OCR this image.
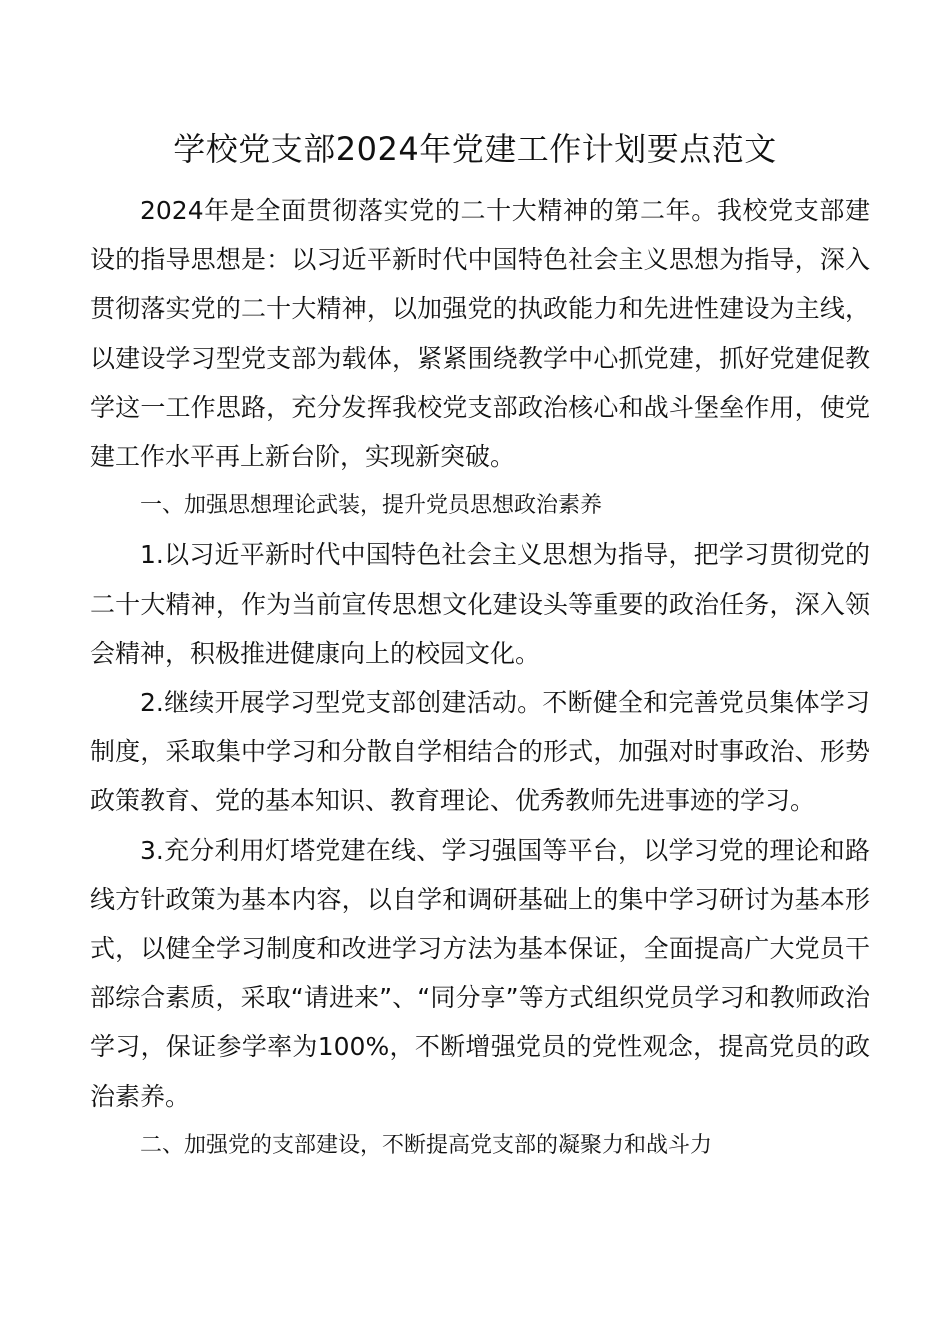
学校党支部2024年党建工作计划要点范文

2024年是全面贯彻落实党的二十大精神的第二年。我校党支部建设的指导思想是：以习近平新时代中国特色社会主义思想为指导，深入贯彻落实党的二十大精神，以加强党的执政能力和先进性建设为主线，以建设学习型党支部为载体，紧紧围绕教学中心抓党建，抓好党建促教学这一工作思路，充分发挥我校党支部政治核心和战斗堡垒作用，使党建工作水平再上新台阶，实现新突破。

一、加强思想理论武装，提升党员思想政治素养

1.以习近平新时代中国特色社会主义思想为指导，把学习贯彻党的二十大精神，作为当前宣传思想文化建设头等重要的政治任务，深入领会精神，积极推进健康向上的校园文化。

2.继续开展学习型党支部创建活动。不断健全和完善党员集体学习制度，采取集中学习和分散自学相结合的形式，加强对时事政治、形势政策教育、党的基本知识、教育理论、优秀教师先进事迹的学习。

3.充分利用灯塔党建在线、学习强国等平台，以学习党的理论和路线方针政策为基本内容，以自学和调研基础上的集中学习研讨为基本形式，以健全学习制度和改进学习方法为基本保证，全面提高广大党员干部综合素质，采取“请进来”、“同分享”等方式组织党员学习和教师政治学习，保证参学率为100%，不断增强党员的党性观念，提高党员的政治素养。

二、加强党的支部建设，不断提高党支部的凝聚力和战斗力
